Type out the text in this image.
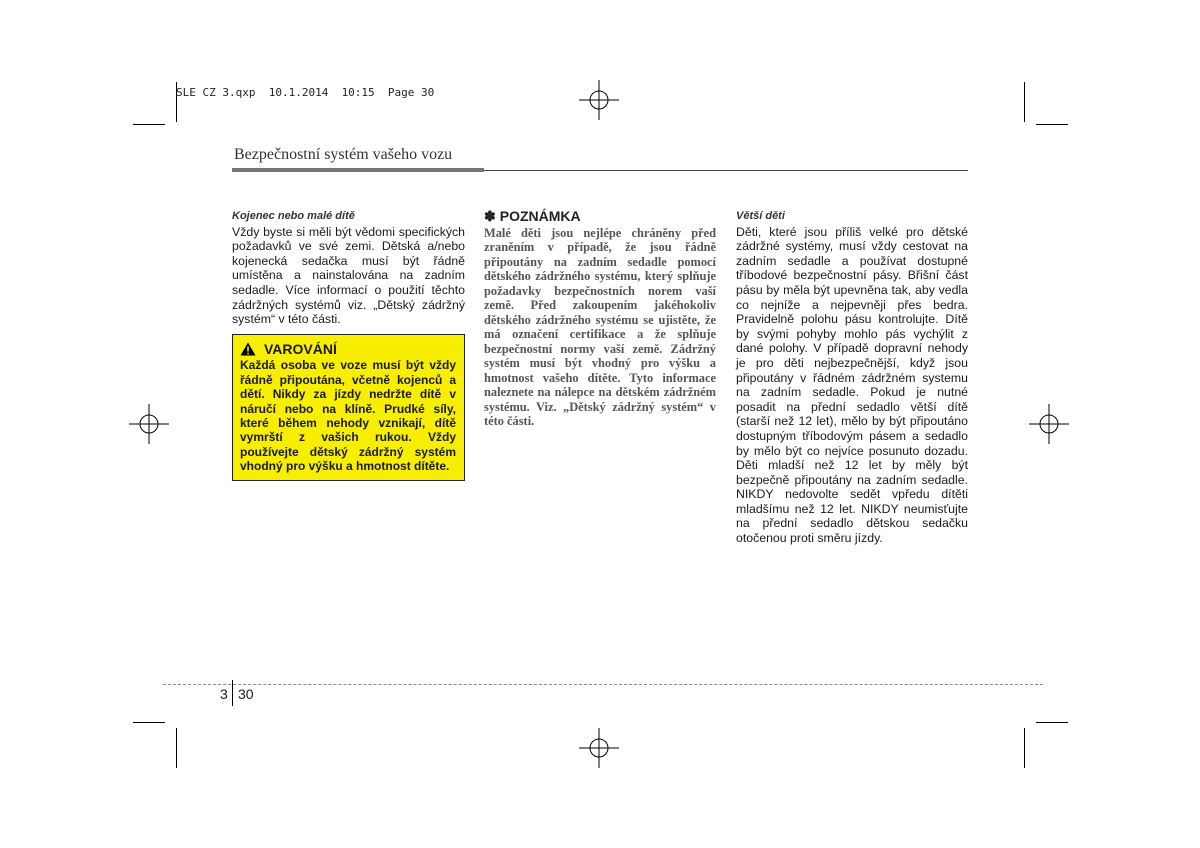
SLE CZ 3.qxp  10.1.2014  10:15  Page 30
Bezpečnostní systém vašeho vozu
Kojenec nebo malé dítě

Vždy byste si měli být vědomi specifických požadavků ve své zemi. Dětská a/nebo kojenecká sedačka musí být řádně umístěna a nainstalována na zadním sedadle. Více informací o použití těchto zádržných systémů viz. „Dětský zádržný systém“ v této části.

VAROVÁNÍ

Každá osoba ve voze musí být vždy řádně připoutána, včetně kojenců a dětí. Nikdy za jízdy nedržte dítě v náručí nebo na klíně. Prudké síly, které během nehody vznikají, dítě vymrští z vašich rukou. Vždy používejte dětský zádržný systém vhodný pro výšku a hmotnost dítěte.

✽ POZNÁMKA

Malé děti jsou nejlépe chráněny před zraněním v případě, že jsou řádně připoutány na zadním sedadle pomocí dětského zádržného systému, který splňuje požadavky bezpečnostních norem vaší země. Před zakoupením jakéhokoliv dětského zádržného systému se ujistěte, že má označení certifikace a že splňuje bezpečnostní normy vaší země. Zádržný systém musí být vhodný pro výšku a hmotnost vašeho dítěte. Tyto informace naleznete na nálepce na dětském zádržném systému. Viz. „Dětský zádržný systém“ v této části.

Větší děti

Děti, které jsou příliš velké pro dětské zádržné systémy, musí vždy cestovat na zadním sedadle a používat dostupné tříbodové bezpečnostní pásy. Břišní část pásu by měla být upevněna tak, aby vedla co nejníže a nejpevněji přes bedra. Pravidelně polohu pásu kontrolujte. Dítě by svými pohyby mohlo pás vychýlit z dané polohy. V případě dopravní nehody je pro děti nejbezpečnější, když jsou připoutány v řádném zádržném systemu na zadním sedadle. Pokud je nutné posadit na přední sedadlo větší dítě (starší než 12 let), mělo by být připoutáno dostupným tříbodovým pásem a sedadlo by mělo být co nejvíce posunuto dozadu. Děti mladší než 12 let by měly být bezpečně připoutány na zadním sedadle. NIKDY nedovolte sedět vpředu dítěti mladšímu než 12 let. NIKDY neumisťujte na přední sedadlo dětskou sedačku otočenou proti směru jízdy.

3 30
